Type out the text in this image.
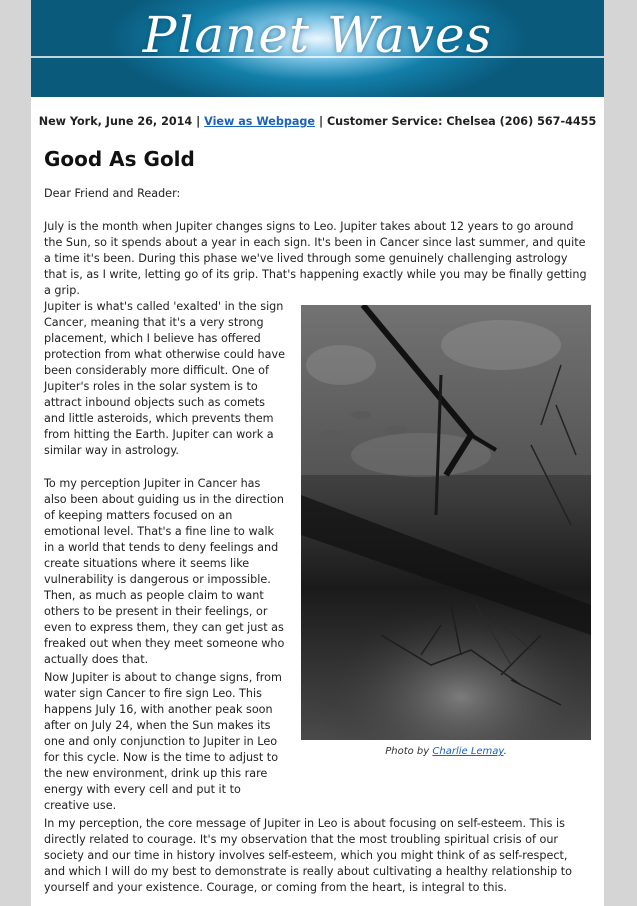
Planet Waves
New York, June 26, 2014 | View as Webpage | Customer Service: Chelsea (206) 567-4455
Good As Gold

Dear Friend and Reader:

July is the month when Jupiter changes signs to Leo. Jupiter takes about 12 years to go around the Sun, so it spends about a year in each sign. It's been in Cancer since last summer, and quite a time it's been. During this phase we've lived through some genuinely challenging astrology that is, as I write, letting go of its grip. That's happening exactly while you may be finally getting a grip.

Jupiter is what's called 'exalted' in the sign Cancer, meaning that it's a very strong placement, which I believe has offered protection from what otherwise could have been considerably more difficult. One of Jupiter's roles in the solar system is to attract inbound objects such as comets and little asteroids, which prevents them from hitting the Earth. Jupiter can work a similar way in astrology.

To my perception Jupiter in Cancer has also been about guiding us in the direction of keeping matters focused on an emotional level. That's a fine line to walk in a world that tends to deny feelings and create situations where it seems like vulnerability is dangerous or impossible. Then, as much as people claim to want others to be present in their feelings, or even to express them, they can get just as freaked out when they meet someone who actually does that.

Now Jupiter is about to change signs, from water sign Cancer to fire sign Leo. This happens July 16, with another peak soon after on July 24, when the Sun makes its one and only conjunction to Jupiter in Leo for this cycle. Now is the time to adjust to the new environment, drink up this rare energy with every cell and put it to creative use.

Photo by Charlie Lemay.

In my perception, the core message of Jupiter in Leo is about focusing on self-esteem. This is directly related to courage. It's my observation that the most troubling spiritual crisis of our society and our time in history involves self-esteem, which you might think of as self-respect, and which I will do my best to demonstrate is really about cultivating a healthy relationship to yourself and your existence. Courage, or coming from the heart, is integral to this.
